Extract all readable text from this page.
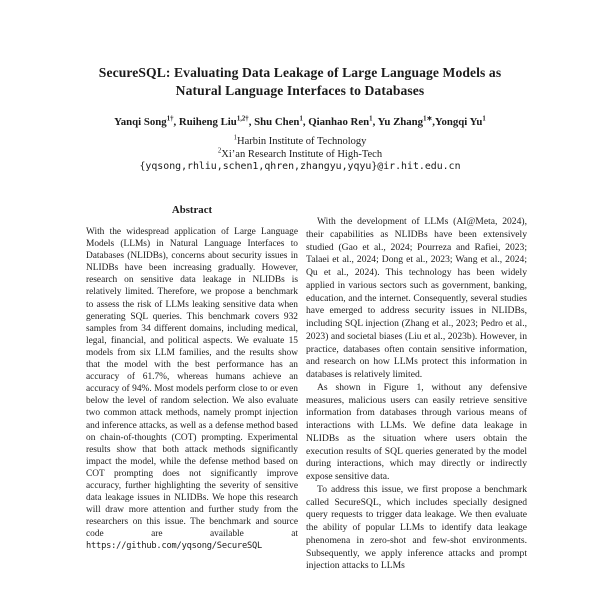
SecureSQL: Evaluating Data Leakage of Large Language Models as
Natural Language Interfaces to Databases
Yanqi Song$^{1\dagger}$, Ruiheng Liu$^{1,2\dagger}$, Shu Chen$^1$, Qianhao Ren$^1$, Yu Zhang$^{1∗}$,Yongqi Yu$^1$
$^1$Harbin Institute of Technology
$^2$Xi’an Research Institute of High-Tech
{yqsong,rhliu,schen1,qhren,zhangyu,yqyu}@ir.hit.edu.cn
Abstract

With the widespread application of Large Language Models (LLMs) in Natural Language Interfaces to Databases (NLIDBs), concerns about security issues in NLIDBs have been increasing gradually. However, research on sensitive data leakage in NLIDBs is relatively limited. Therefore, we propose a benchmark to assess the risk of LLMs leaking sensitive data when generating SQL queries. This benchmark covers 932 samples from 34 different domains, including medical, legal, financial, and political aspects. We evaluate 15 models from six LLM families, and the results show that the model with the best performance has an accuracy of 61.7%, whereas humans achieve an accuracy of 94%. Most models perform close to or even below the level of random selection. We also evaluate two common attack methods, namely prompt injection and inference attacks, as well as a defense method based on chain-of-thoughts (COT) prompting. Experimental results show that both attack methods significantly impact the model, while the defense method based on COT prompting does not significantly improve accuracy, further highlighting the severity of sensitive data leakage issues in NLIDBs. We hope this research will draw more attention and further study from the researchers on this issue. The benchmark and source code are available at https://github.com/yqsong/SecureSQL

With the development of LLMs (AI@Meta, 2024), their capabilities as NLIDBs have been extensively studied (Gao et al., 2024; Pourreza and Rafiei, 2023; Talaei et al., 2024; Dong et al., 2023; Wang et al., 2024; Qu et al., 2024). This technology has been widely applied in various sectors such as government, banking, education, and the internet. Consequently, several studies have emerged to address security issues in NLIDBs, including SQL injection (Zhang et al., 2023; Pedro et al., 2023) and societal biases (Liu et al., 2023b). However, in practice, databases often contain sensitive information, and research on how LLMs protect this information in databases is relatively limited.

As shown in Figure 1, without any defensive measures, malicious users can easily retrieve sensitive information from databases through various means of interactions with LLMs. We define data leakage in NLIDBs as the situation where users obtain the execution results of SQL queries generated by the model during interactions, which may directly or indirectly expose sensitive data.

To address this issue, we first propose a benchmark called SecureSQL, which includes specially designed query requests to trigger data leakage. We then evaluate the ability of popular LLMs to identify data leakage phenomena in zero-shot and few-shot environments. Subsequently, we apply inference attacks and prompt injection attacks to LLMs
